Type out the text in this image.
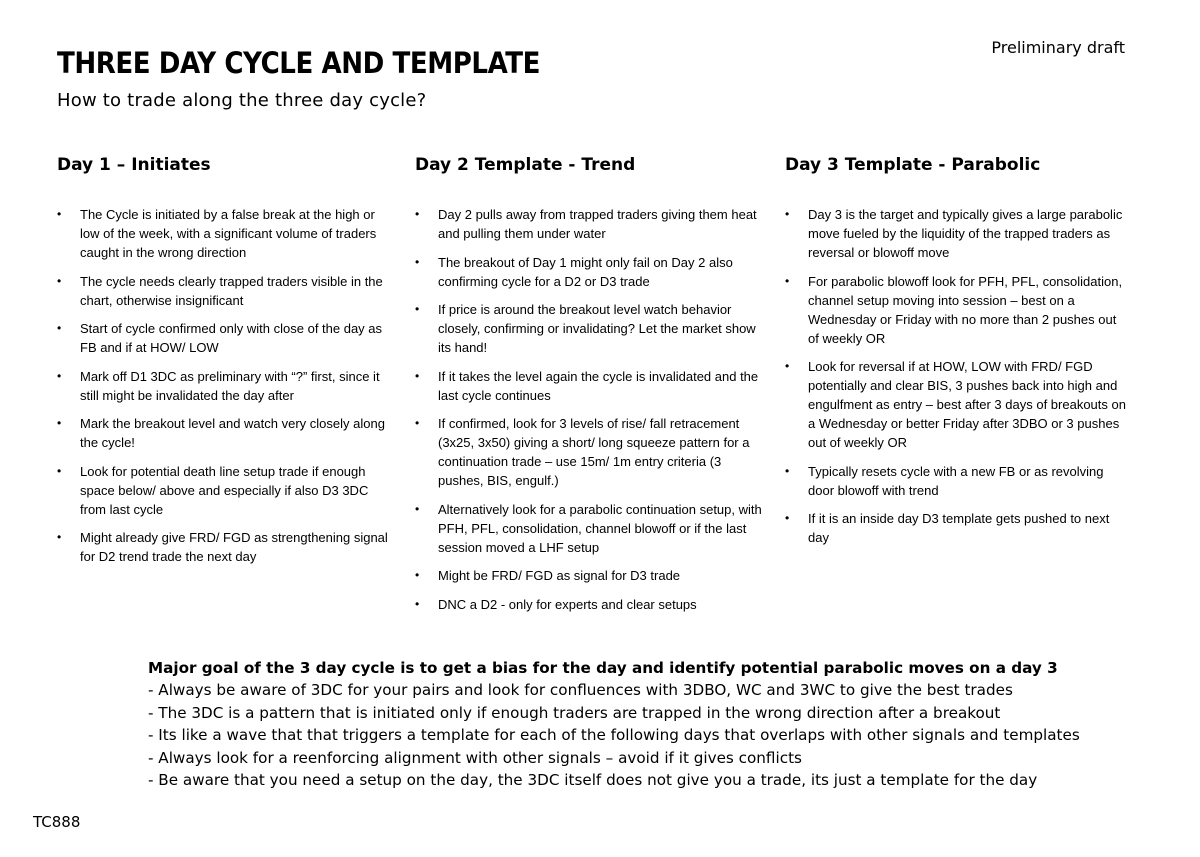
Preliminary draft
THREE DAY CYCLE AND TEMPLATE
How to trade along the three day cycle?
Day 1 – Initiates
• The Cycle is initiated by a false break at the high or low of the week, with a significant volume of traders caught in the wrong direction
• The cycle needs clearly trapped traders visible in the chart, otherwise insignificant
• Start of cycle confirmed only with close of the day as FB and if at HOW/ LOW
• Mark off D1 3DC as preliminary with “?” first, since it still might be invalidated the day after
• Mark the breakout level and watch very closely along the cycle!
• Look for potential death line setup trade if enough space below/ above and especially if also D3 3DC from last cycle
• Might already give FRD/ FGD as strengthening signal for D2 trend trade the next day
Day 2 Template - Trend
• Day 2 pulls away from trapped traders giving them heat and pulling them under water
• The breakout of Day 1 might only fail on Day 2 also confirming cycle for a D2 or D3 trade
• If price is around the breakout level watch behavior closely, confirming or invalidating? Let the market show its hand!
• If it takes the level again the cycle is invalidated and the last cycle continues
• If confirmed, look for 3 levels of rise/ fall retracement (3x25, 3x50) giving a short/ long squeeze pattern for a continuation trade – use 15m/ 1m entry criteria (3 pushes, BIS, engulf.)
• Alternatively look for a parabolic continuation setup, with PFH, PFL, consolidation, channel blowoff or if the last session moved a LHF setup
• Might be FRD/ FGD as signal for D3 trade
• DNC a D2 - only for experts and clear setups
Day 3 Template - Parabolic
• Day 3 is the target and typically gives a large parabolic move fueled by the liquidity of the trapped traders as reversal or blowoff move
• For parabolic blowoff look for PFH, PFL, consolidation, channel setup moving into session – best on a Wednesday or Friday with no more than 2 pushes out of weekly OR
• Look for reversal if at HOW, LOW with FRD/ FGD potentially and clear BIS, 3 pushes back into high and engulfment as entry – best after 3 days of breakouts on a Wednesday or better Friday after 3DBO or 3 pushes out of weekly OR
• Typically resets cycle with a new FB or as revolving door blowoff with trend
• If it is an inside day D3 template gets pushed to next day
Major goal of the 3 day cycle is to get a bias for the day and identify potential parabolic moves on a day 3
- Always be aware of 3DC for your pairs and look for confluences with 3DBO, WC and 3WC to give the best trades
- The 3DC is a pattern that is initiated only if enough traders are trapped in the wrong direction after a breakout
- Its like a wave that that triggers a template for each of the following days that overlaps with other signals and templates
- Always look for a reenforcing alignment with other signals – avoid if it gives conflicts
- Be aware that you need a setup on the day, the 3DC itself does not give you a trade, its just a template for the day
TC888
